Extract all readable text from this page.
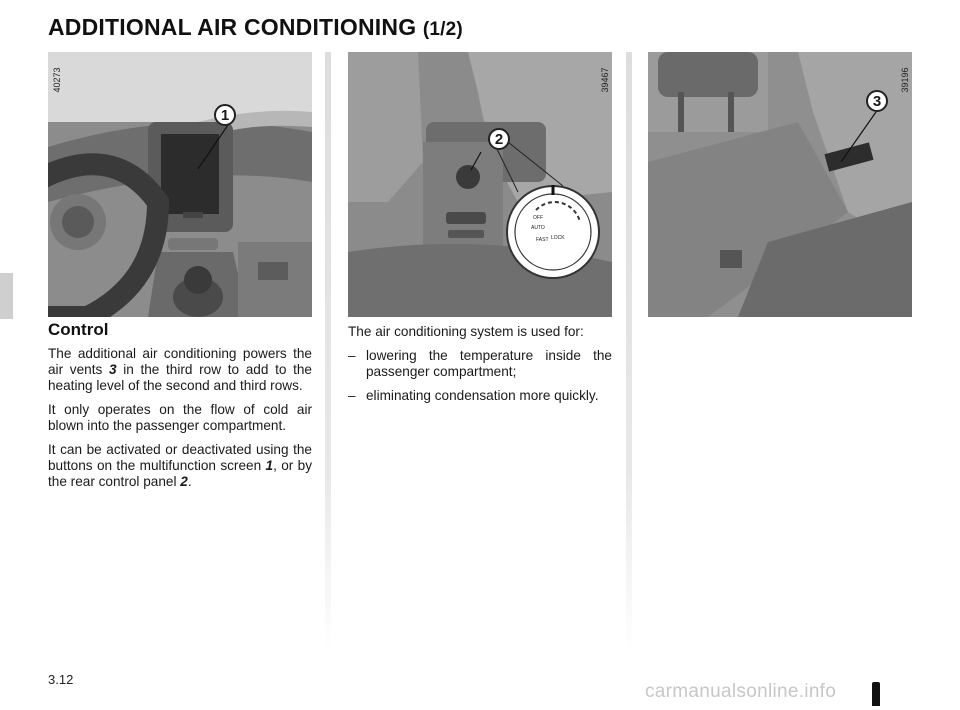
ADDITIONAL AIR CONDITIONING (1/2)
1
40273
OFF
AUTO
FAST LOCK
2
39467
3
39196
Control

The additional air conditioning powers the air vents 3 in the third row to add to the heating level of the second and third rows.

It only operates on the flow of cold air blown into the passenger compartment.

It can be activated or deactivated using the buttons on the multifunction screen 1, or by the rear control panel 2.

The air conditioning system is used for:

– lowering the temperature inside the passenger compartment;
– eliminating condensation more quickly.
3.12
carmanualsonline.info
